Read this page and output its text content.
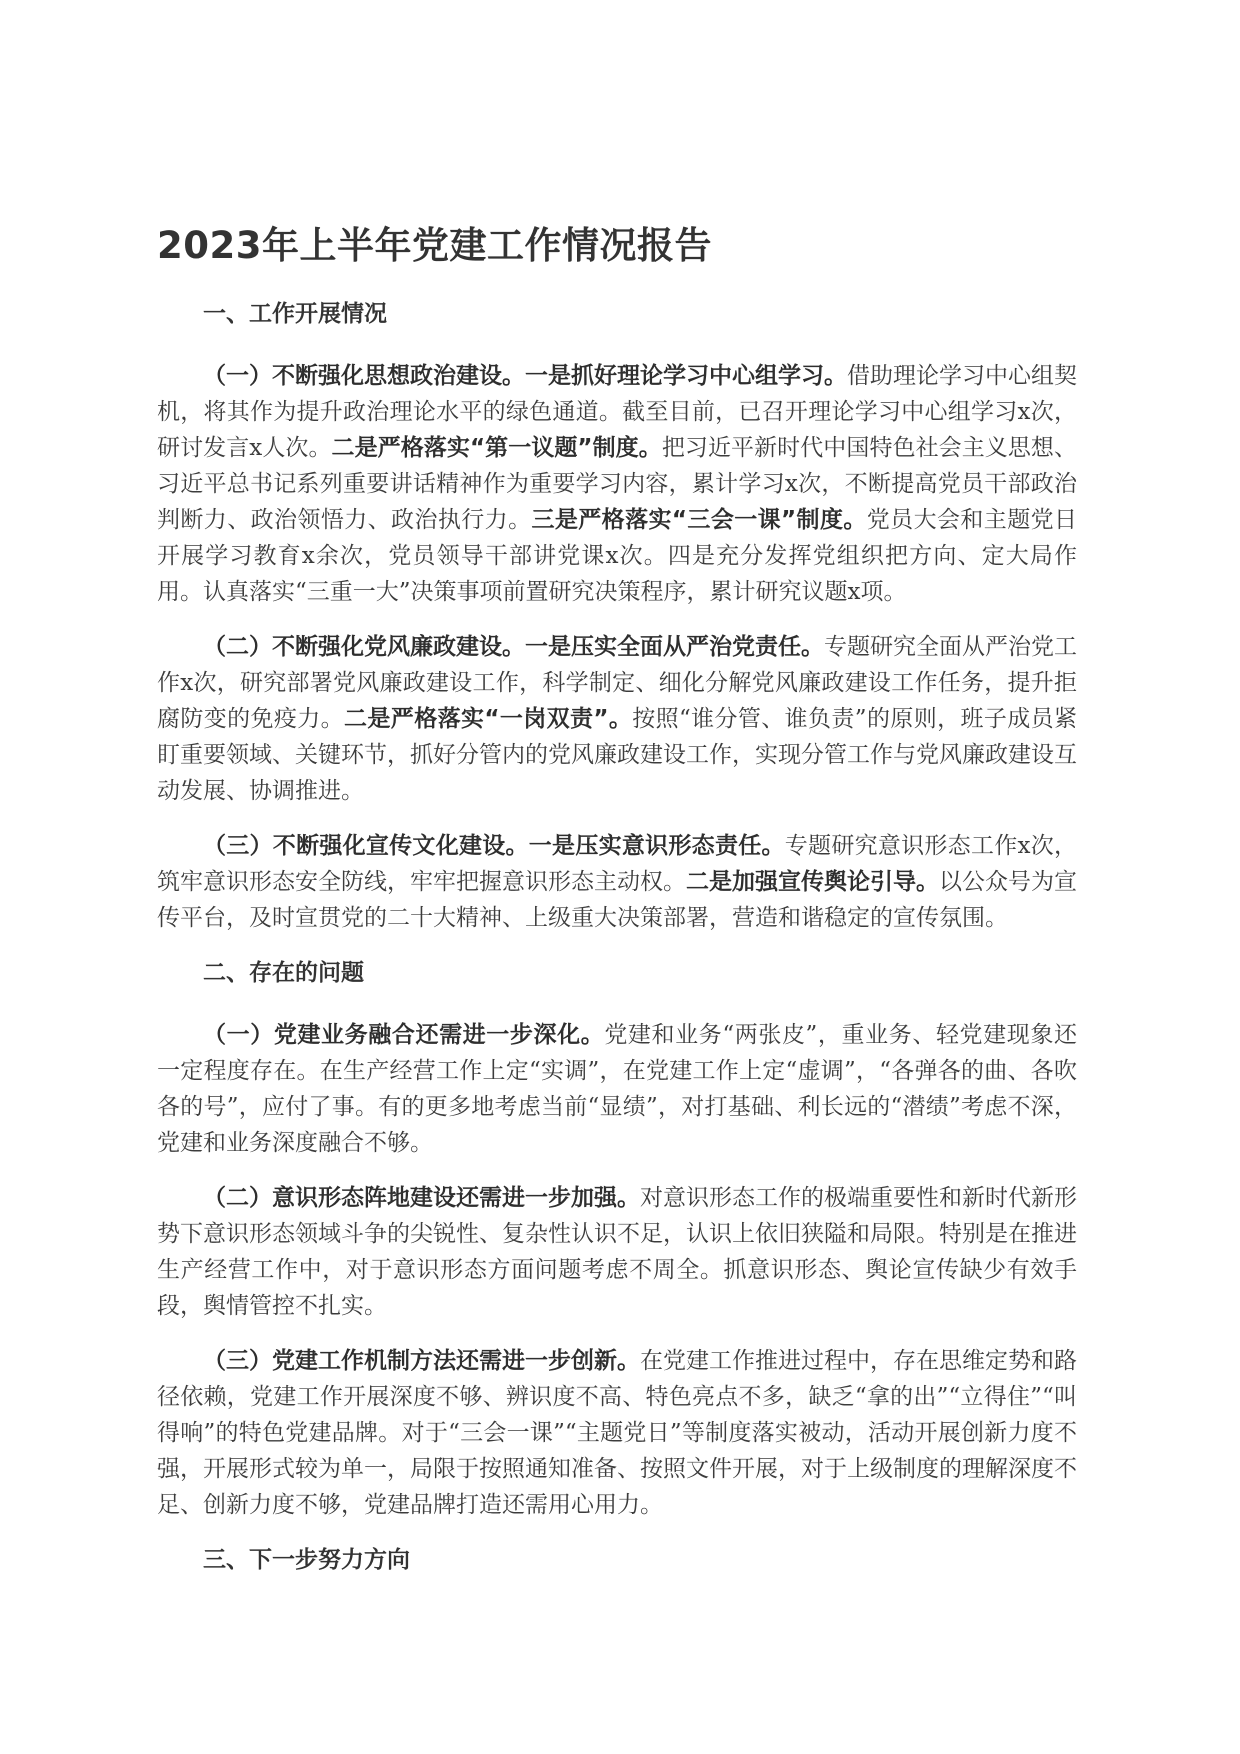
2023年上半年党建工作情况报告
一、工作开展情况

（一）不断强化思想政治建设。一是抓好理论学习中心组学习。借助理论学习中心组契机，将其作为提升政治理论水平的绿色通道。截至目前，已召开理论学习中心组学习x次，研讨发言x人次。二是严格落实“第一议题”制度。把习近平新时代中国特色社会主义思想、习近平总书记系列重要讲话精神作为重要学习内容，累计学习x次，不断提高党员干部政治判断力、政治领悟力、政治执行力。三是严格落实“三会一课”制度。党员大会和主题党日开展学习教育x余次，党员领导干部讲党课x次。四是充分发挥党组织把方向、定大局作用。认真落实“三重一大”决策事项前置研究决策程序，累计研究议题x项。

（二）不断强化党风廉政建设。一是压实全面从严治党责任。专题研究全面从严治党工作x次，研究部署党风廉政建设工作，科学制定、细化分解党风廉政建设工作任务，提升拒腐防变的免疫力。二是严格落实“一岗双责”。按照“谁分管、谁负责”的原则，班子成员紧盯重要领域、关键环节，抓好分管内的党风廉政建设工作，实现分管工作与党风廉政建设互动发展、协调推进。

（三）不断强化宣传文化建设。一是压实意识形态责任。专题研究意识形态工作x次，筑牢意识形态安全防线，牢牢把握意识形态主动权。二是加强宣传舆论引导。以公众号为宣传平台，及时宣贯党的二十大精神、上级重大决策部署，营造和谐稳定的宣传氛围。

二、存在的问题

（一）党建业务融合还需进一步深化。党建和业务“两张皮”，重业务、轻党建现象还一定程度存在。在生产经营工作上定“实调”，在党建工作上定“虚调”，“各弹各的曲、各吹各的号”，应付了事。有的更多地考虑当前“显绩”，对打基础、利长远的“潜绩”考虑不深，党建和业务深度融合不够。

（二）意识形态阵地建设还需进一步加强。对意识形态工作的极端重要性和新时代新形势下意识形态领域斗争的尖锐性、复杂性认识不足，认识上依旧狭隘和局限。特别是在推进生产经营工作中，对于意识形态方面问题考虑不周全。抓意识形态、舆论宣传缺少有效手段，舆情管控不扎实。

（三）党建工作机制方法还需进一步创新。在党建工作推进过程中，存在思维定势和路径依赖，党建工作开展深度不够、辨识度不高、特色亮点不多，缺乏“拿的出”“立得住”“叫得响”的特色党建品牌。对于“三会一课”“主题党日”等制度落实被动，活动开展创新力度不强，开展形式较为单一，局限于按照通知准备、按照文件开展，对于上级制度的理解深度不足、创新力度不够，党建品牌打造还需用心用力。

三、下一步努力方向
